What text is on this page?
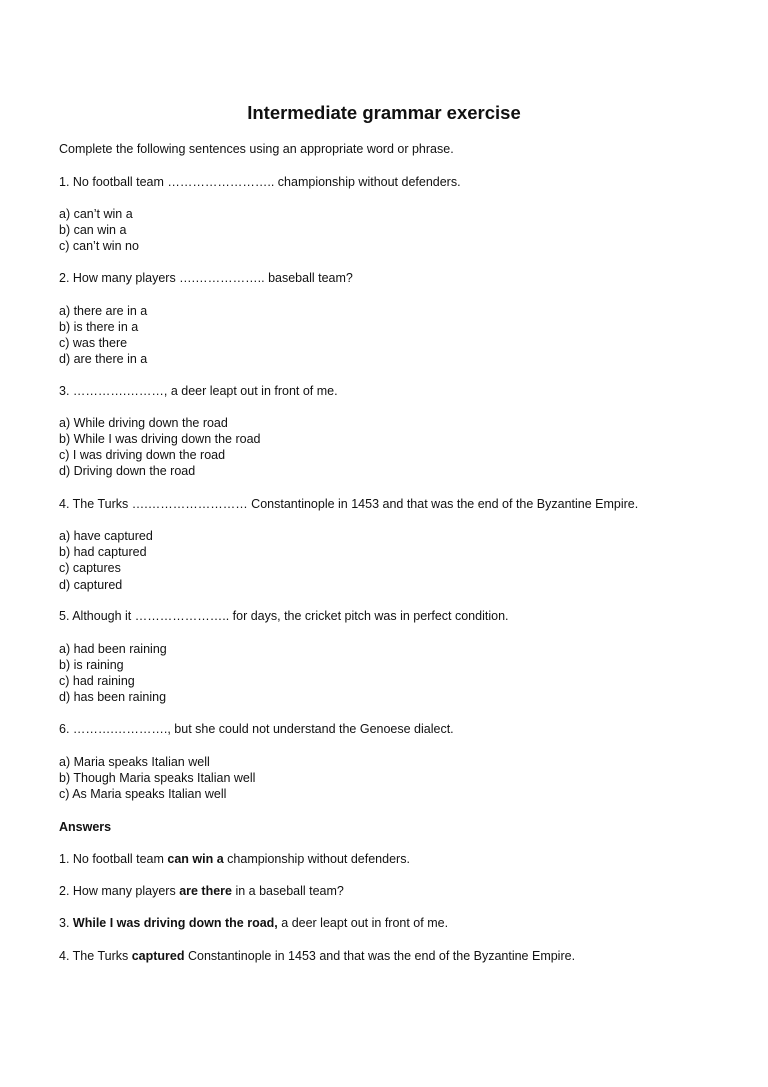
Intermediate grammar exercise
Complete the following sentences using an appropriate word or phrase.
1. No football team …………………….. championship without defenders.
a) can’t win a
b) can win a
c) can’t win no
2. How many players ….…………….. baseball team?
a) there are in a
b) is there in a
c) was there
d) are there in a
3. ………….………, a deer leapt out in front of me.
a) While driving down the road
b) While I was driving down the road
c) I was driving down the road
d) Driving down the road
4. The Turks ….…………………… Constantinople in 1453 and that was the end of the Byzantine Empire.
a) have captured
b) had captured
c) captures
d) captured
5. Although it ………………….. for days, the cricket pitch was in perfect condition.
a) had been raining
b) is raining
c) had raining
d) has been raining
6. ……….…………., but she could not understand the Genoese dialect.
a) Maria speaks Italian well
b) Though Maria speaks Italian well
c) As Maria speaks Italian well
Answers
1. No football team can win a championship without defenders.
2. How many players are there in a baseball team?
3. While I was driving down the road, a deer leapt out in front of me.
4. The Turks captured Constantinople in 1453 and that was the end of the Byzantine Empire.
